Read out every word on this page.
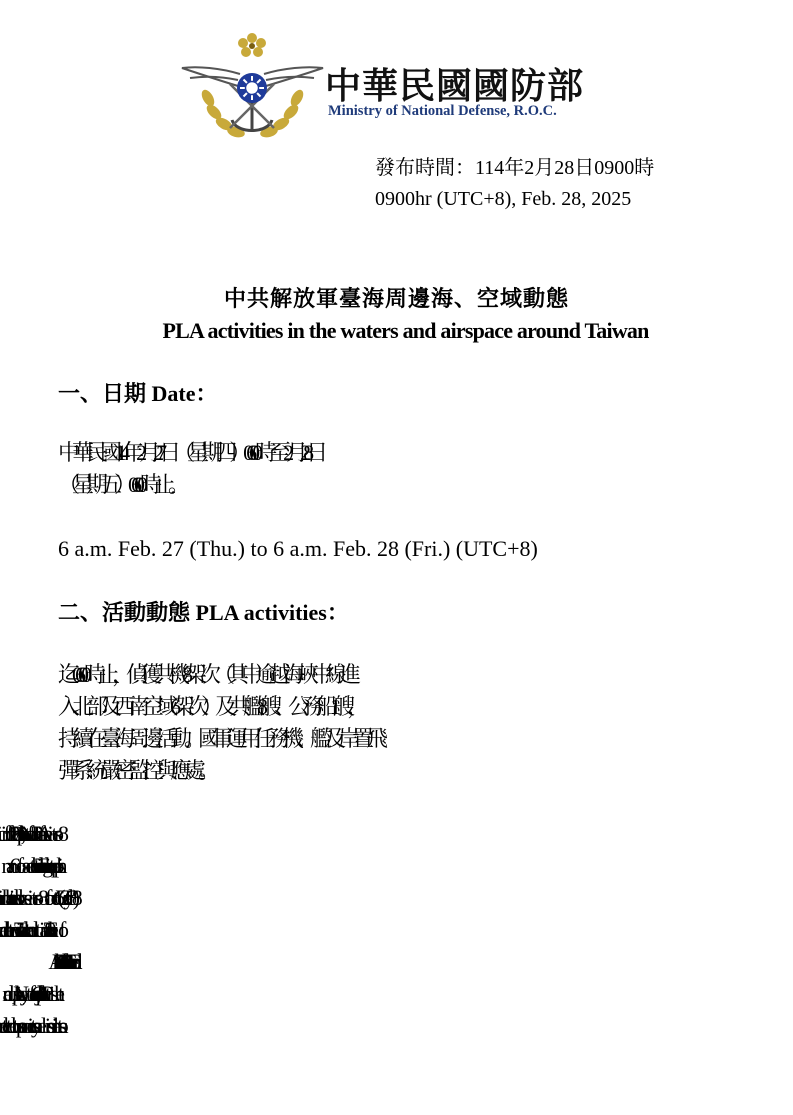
中華民國國防部
Ministry of National Defense, R.O.C.
發布時間：114年2月28日0900時
0900hr (UTC+8), Feb. 28, 2025
中共解放軍臺海周邊海、空域動態
PLA activities in the waters and airspace around Taiwan
一、日期 Date：
中華民國114年2月27日（星期四）0600時至2月28日
（星期五）0600時止。
6 a.m. Feb. 27 (Thu.) to 6 a.m. Feb. 28 (Fri.) (UTC+8)
二、活動動態 PLA activities：
迄0600時止，偵獲共機8架次（其中逾越海峽中線進
入北部及西南空域6架次）及共艦8艘、公務船1艘，
持續在臺海周邊活動。國軍運用任務機、艦及岸置飛
彈系統嚴密監控與應處。
southwestern ADIZ. ROC Armed Forces have monitored
